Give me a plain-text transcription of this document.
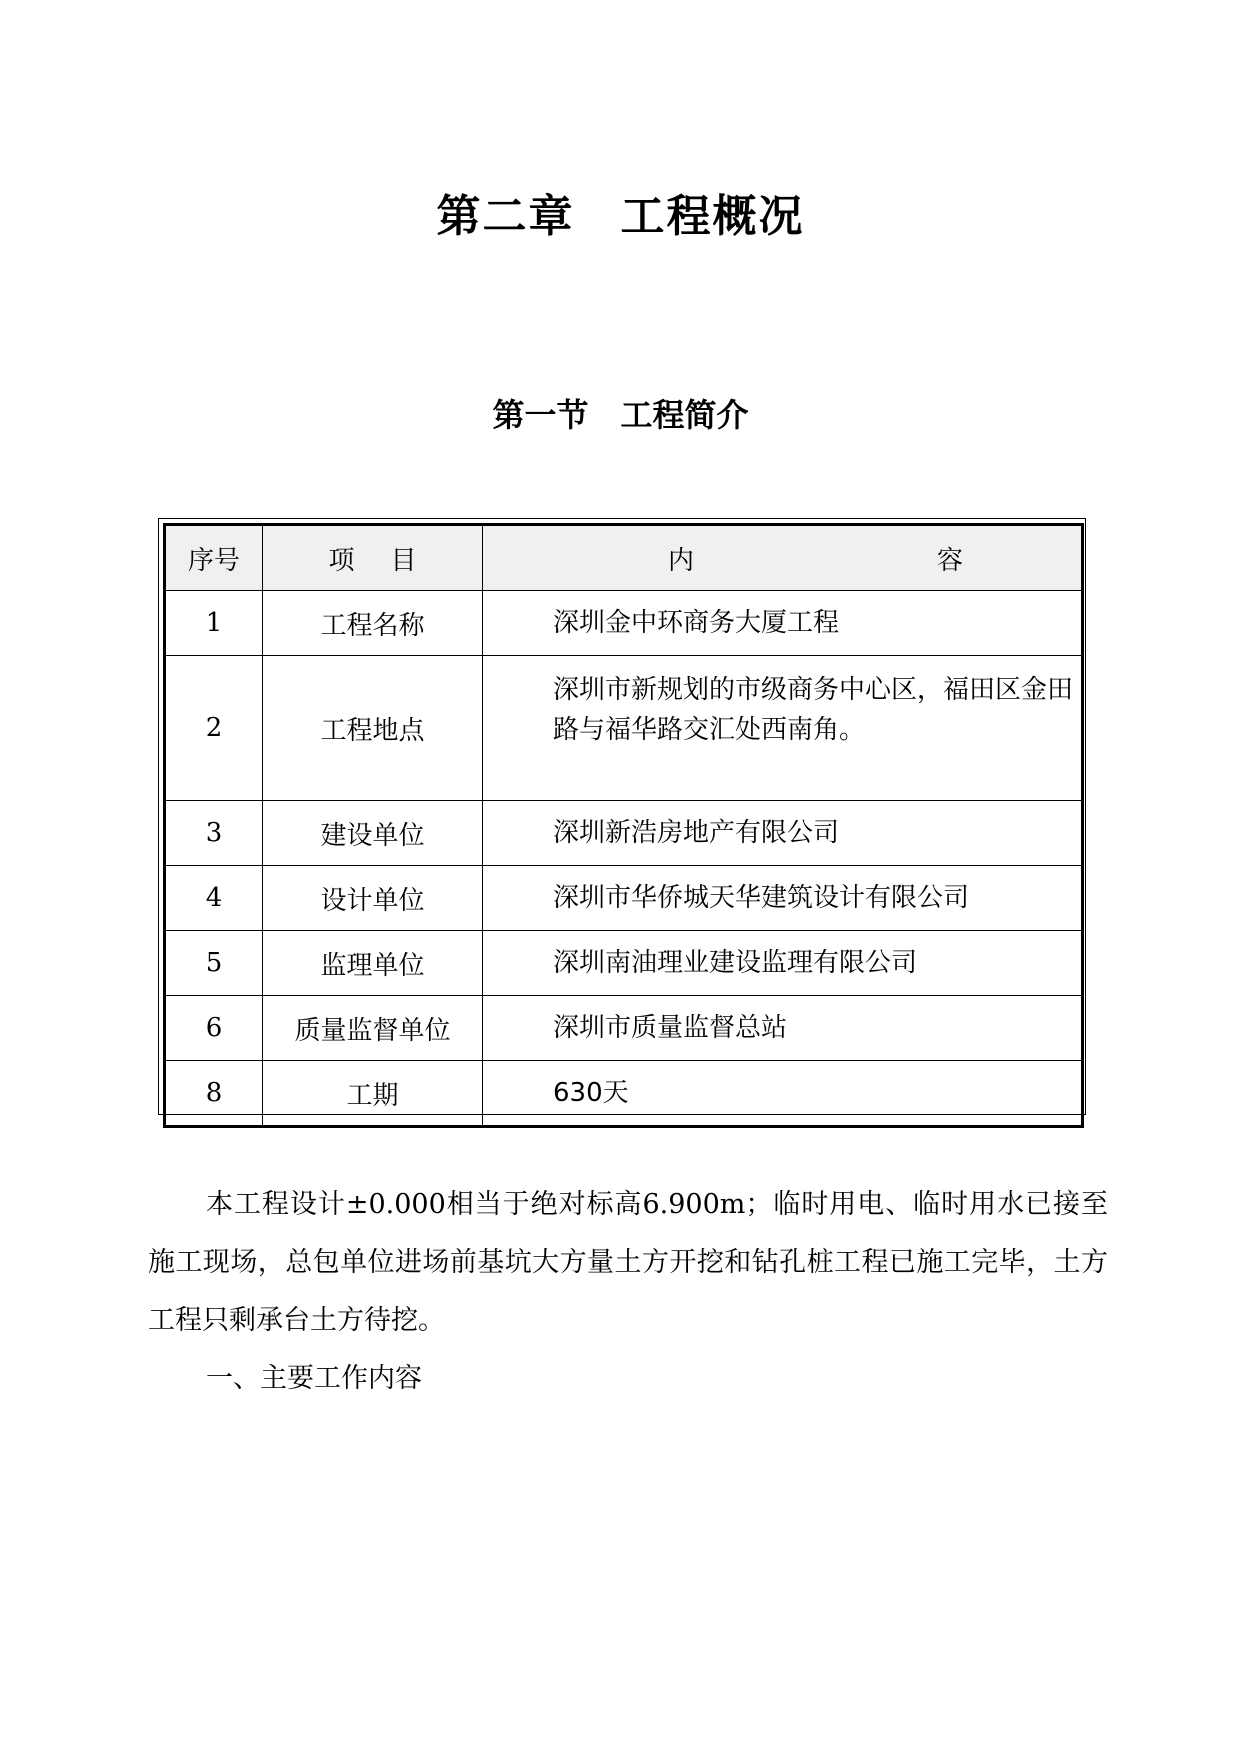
第二章　工程概况
第一节　工程简介
序号	项目	内 容

1	工程名称	深圳金中环商务大厦工程
2	工程地点	深圳市新规划的市级商务中心区，福田区金田路与福华路交汇处西南角。
3	建设单位	深圳新浩房地产有限公司
4	设计单位	深圳市华侨城天华建筑设计有限公司
5	监理单位	深圳南油理业建设监理有限公司
6	质量监督单位	深圳市质量监督总站
8	工期	630天
本工程设计±0.000相当于绝对标高6.900m；临时用电、临时用水已接至施工现场，总包单位进场前基坑大方量土方开挖和钻孔桩工程已施工完毕，土方工程只剩承台土方待挖。
一、主要工作内容
